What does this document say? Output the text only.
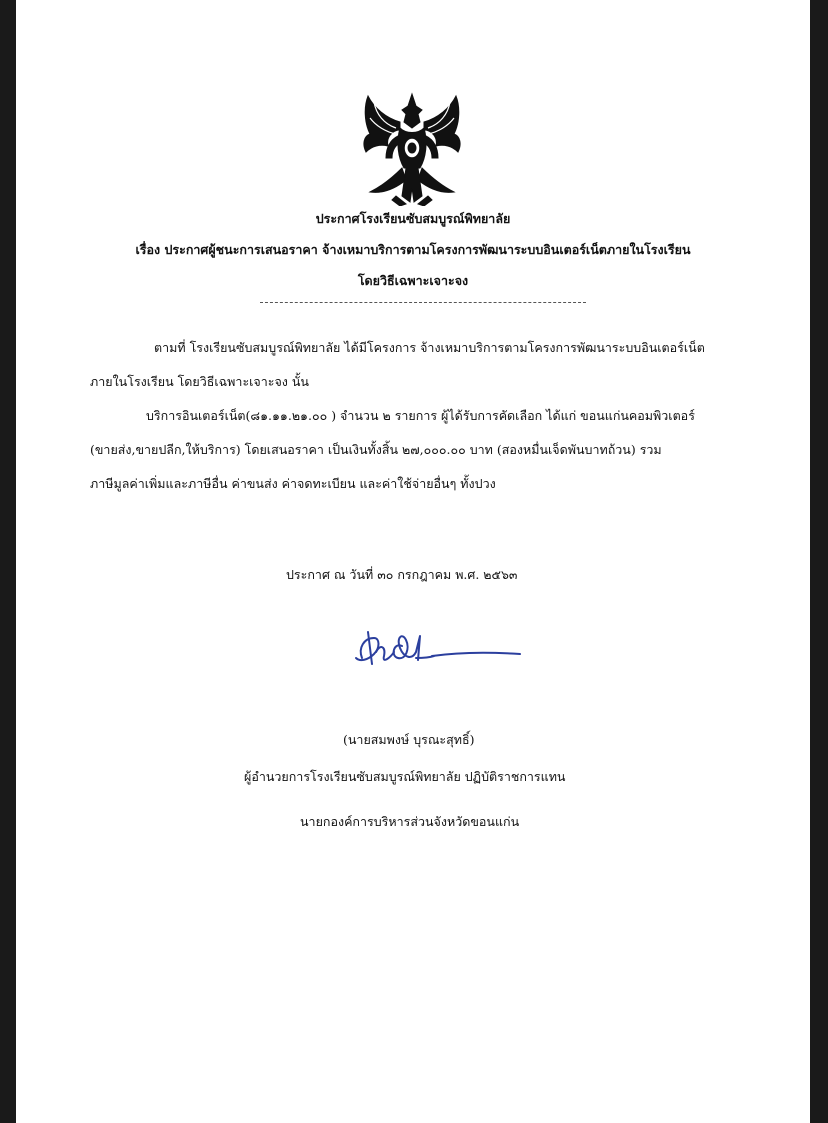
ประกาศโรงเรียนซับสมบูรณ์พิทยาลัย
เรื่อง ประกาศผู้ชนะการเสนอราคา จ้างเหมาบริการตามโครงการพัฒนาระบบอินเตอร์เน็ตภายในโรงเรียน
โดยวิธีเฉพาะเจาะจง
ตามที่ โรงเรียนซับสมบูรณ์พิทยาลัย ได้มีโครงการ จ้างเหมาบริการตามโครงการพัฒนาระบบอินเตอร์เน็ต
ภายในโรงเรียน โดยวิธีเฉพาะเจาะจง นั้น
บริการอินเตอร์เน็ต(๘๑.๑๑.๒๑.๐๐ ) จำนวน ๒ รายการ ผู้ได้รับการคัดเลือก ได้แก่ ขอนแก่นคอมพิวเตอร์
(ขายส่ง,ขายปลีก,ให้บริการ) โดยเสนอราคา เป็นเงินทั้งสิ้น ๒๗,๐๐๐.๐๐ บาท (สองหมื่นเจ็ดพันบาทถ้วน) รวม
ภาษีมูลค่าเพิ่มและภาษีอื่น ค่าขนส่ง ค่าจดทะเบียน และค่าใช้จ่ายอื่นๆ ทั้งปวง
ประกาศ ณ วันที่ ๓๐ กรกฎาคม พ.ศ. ๒๕๖๓
(นายสมพงษ์ บุรณะสุทธิ์)
ผู้อำนวยการโรงเรียนซับสมบูรณ์พิทยาลัย ปฏิบัติราชการแทน
นายกองค์การบริหารส่วนจังหวัดขอนแก่น
